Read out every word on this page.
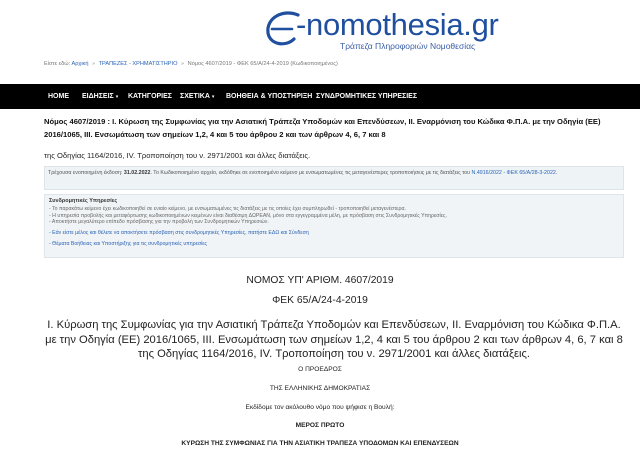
-nomothesia.gr
Τράπεζα Πληροφοριών Νομοθεσίας
Είστε εδώ: Αρχική » ΤΡΑΠΕΖΕΣ - ΧΡΗΜΑΤΙΣΤΗΡΙΟ » Νόμος 4607/2019 - ΦΕΚ 65/Α/24-4-2019 (Κωδικοποιημένος)
HOME ΕΙΔΗΣΕΙΣ ▾ ΚΑΤΗΓΟΡΙΕΣ ΣΧΕΤΙΚΑ ▾ ΒΟΗΘΕΙΑ & ΥΠΟΣΤΗΡΙΞΗ ΣΥΝΔΡΟΜΗΤΙΚΕΣ ΥΠΗΡΕΣΙΕΣ
Νόμος 4607/2019 : Ι. Κύρωση της Συμφωνίας για την Ασιατική Τράπεζα Υποδομών και Επενδύσεων, ΙΙ. Εναρμόνιση του Κώδικα Φ.Π.Α. με την Οδηγία (ΕΕ) 2016/1065, ΙΙΙ. Ενσωμάτωση των σημείων 1,2, 4 και 5 του άρθρου 2 και των άρθρων 4, 6, 7 και 8
της Οδηγίας 1164/2016, IV. Τροποποίηση του ν. 2971/2001 και άλλες διατάξεις.
Τρέχουσα ενοποιημένη έκδοση: 31.02.2022. Το Κωδικοποιημένο αρχείο, εκδόθηκε σε ενοποιημένο κείμενο με ενσωματωμένες τις μεταγενέστερες τροποποιήσεις με τις διατάξεις του Ν.4916/2022 - ΦΕΚ 65/Α/28-3-2022.
Συνδρομητικές Υπηρεσίες
- Το παρακάτω κείμενο έχει κωδικοποιηθεί σε ενιαίο κείμενο, με ενσωματωμένες τις διατάξεις με τις οποίες έχει συμπληρωθεί - τροποποιηθεί μεταγενέστερα.
- Η υπηρεσία προβολής και μεταφόρτωσης κωδικοποιημένων κειμένων είναι διαθέσιμη ΔΩΡΕΑΝ, μόνο στα εγγεγραμμένα μέλη, με πρόσβαση στις Συνδρομητικές Υπηρεσίες.
- Αποκτήστε μεγαλύτερο επίπεδο πρόσβασης για την προβολή των Συνδρομητικών Υπηρεσιών.
- Εάν είστε μέλος και θέλετε να αποκτήσετε πρόσβαση στις συνδρομητικές Υπηρεσίες, πατήστε ΕΔΩ και Σύνδεση
- Θέματα Βοήθειας και Υποστήριξης για τις συνδρομητικές υπηρεσίες
ΝΟΜΟΣ ΥΠ' ΑΡΙΘΜ. 4607/2019
ΦΕΚ 65/Α/24-4-2019
Ι. Κύρωση της Συμφωνίας για την Ασιατική Τράπεζα Υποδομών και Επενδύσεων, ΙΙ. Εναρμόνιση του Κώδικα Φ.Π.Α. με την Οδηγία (ΕΕ) 2016/1065, ΙΙΙ. Ενσωμάτωση των σημείων 1,2, 4 και 5 του άρθρου 2 και των άρθρων 4, 6, 7 και 8 της Οδηγίας 1164/2016, IV. Τροποποίηση του ν. 2971/2001 και άλλες διατάξεις.
Ο ΠΡΟΕΔΡΟΣ
ΤΗΣ ΕΛΛΗΝΙΚΗΣ ΔΗΜΟΚΡΑΤΙΑΣ
Εκδίδομε τον ακόλουθο νόμο που ψήφισε η Βουλή:
ΜΕΡΟΣ ΠΡΩΤΟ
ΚΥΡΩΣΗ ΤΗΣ ΣΥΜΦΩΝΙΑΣ ΓΙΑ ΤΗΝ ΑΣΙΑΤΙΚΗ ΤΡΑΠΕΖΑ ΥΠΟΔΟΜΩΝ ΚΑΙ ΕΠΕΝΔΥΣΕΩΝ
